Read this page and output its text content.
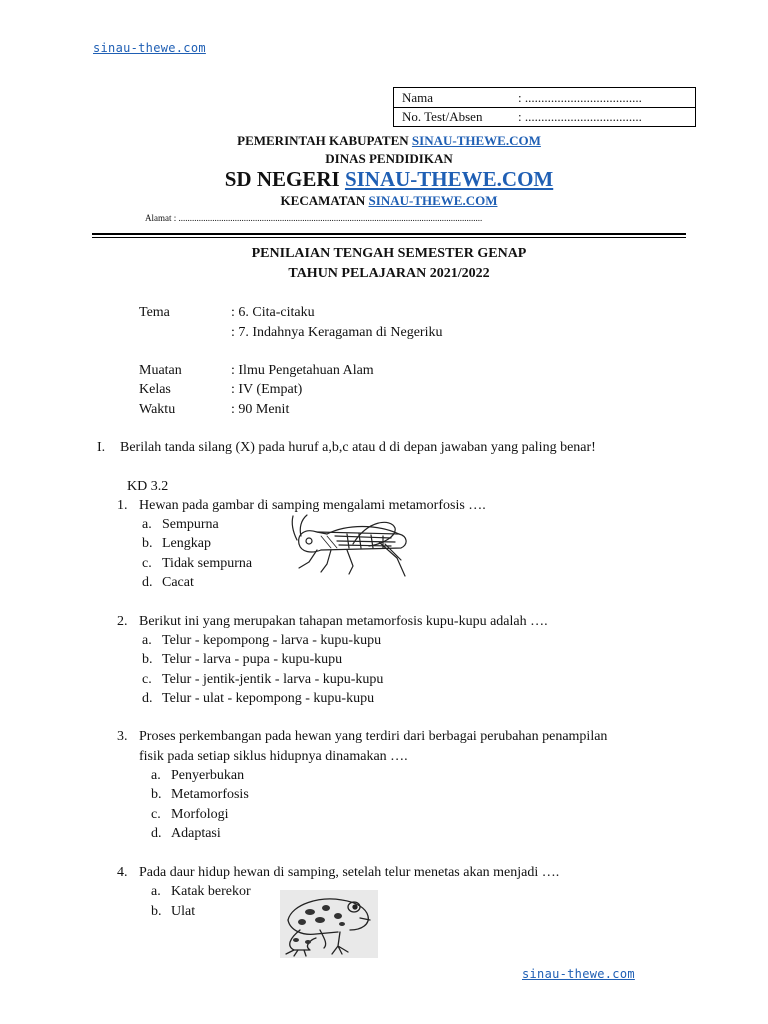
sinau-thewe.com
Nama	: ....................................
No. Test/Absen	: ....................................
PEMERINTAH KABUPATEN SINAU-THEWE.COM
DINAS PENDIDIKAN
SD NEGERI SINAU-THEWE.COM
KECAMATAN SINAU-THEWE.COM
Alamat : .......................................................................................................................................
PENILAIAN TENGAH SEMESTER GENAP
TAHUN PELAJARAN 2021/2022
Tema	: 6. Cita-citaku
: 7. Indahnya Keragaman di Negeriku
Muatan	: Ilmu Pengetahuan Alam
Kelas	: IV (Empat)
Waktu	: 90 Menit
I. Berilah tanda silang (X) pada huruf a,b,c atau d di depan jawaban yang paling benar!
KD 3.2
1. Hewan pada gambar di samping mengalami metamorfosis ….
a. Sempurna
b. Lengkap
c. Tidak sempurna
d. Cacat
2. Berikut ini yang merupakan tahapan metamorfosis kupu-kupu adalah ….
a. Telur - kepompong - larva - kupu-kupu
b. Telur - larva - pupa - kupu-kupu
c. Telur - jentik-jentik - larva - kupu-kupu
d. Telur - ulat - kepompong - kupu-kupu
3. Proses perkembangan pada hewan yang terdiri dari berbagai perubahan penampilan
fisik pada setiap siklus hidupnya dinamakan ….
a. Penyerbukan
b. Metamorfosis
c. Morfologi
d. Adaptasi
4. Pada daur hidup hewan di samping, setelah telur menetas akan menjadi ….
a. Katak berekor
b. Ulat
sinau-thewe.com
